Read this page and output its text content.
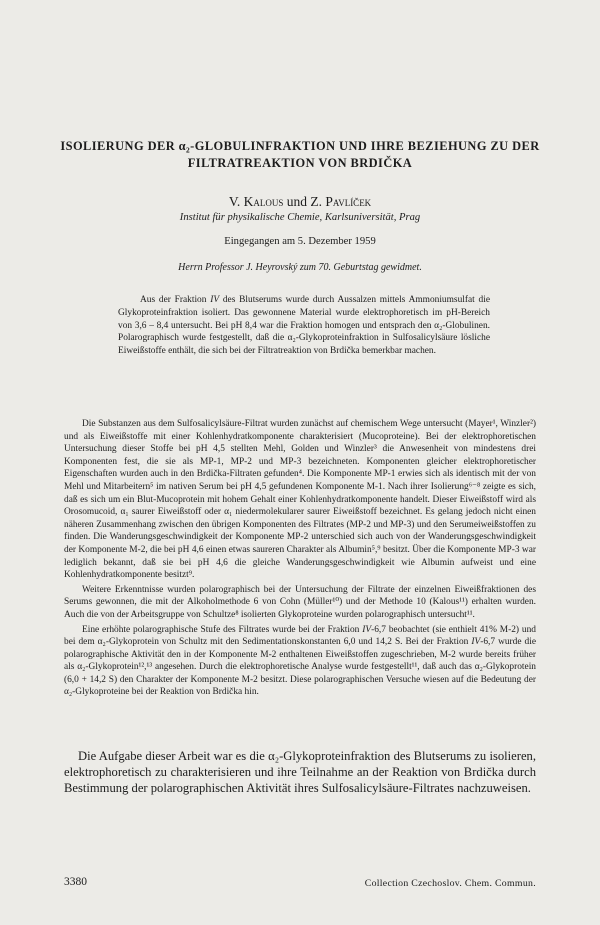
ISOLIERUNG DER α₂-GLOBULINFRAKTION UND IHRE BEZIEHUNG ZU DER FILTRATREAKTION VON BRDIČKA
V. Kalous und Z. Pavlíček
Institut für physikalische Chemie, Karlsuniversität, Prag
Eingegangen am 5. Dezember 1959
Herrn Professor J. Heyrovský zum 70. Geburtstag gewidmet.
Aus der Fraktion IV des Blutserums wurde durch Aussalzen mittels Ammoniumsulfat die Glykoproteinfraktion isoliert. Das gewonnene Material wurde elektrophoretisch im pH-Bereich von 3,6 – 8,4 untersucht. Bei pH 8,4 war die Fraktion homogen und entsprach den α₂-Globulinen. Polarographisch wurde festgestellt, daß die α₂-Glykoproteinfraktion in Sulfosalicylsäure lösliche Eiweißstoffe enthält, die sich bei der Filtratreaktion von Brdička bemerkbar machen.

Die Substanzen aus dem Sulfosalicylsäure-Filtrat wurden zunächst auf chemischem Wege untersucht (Mayer¹, Winzler²) und als Eiweißstoffe mit einer Kohlenhydratkomponente charakterisiert (Mucoproteine). Bei der elektrophoretischen Untersuchung dieser Stoffe bei pH 4,5 stellten Mehl, Golden und Winzler³ die Anwesenheit von mindestens drei Komponenten fest, die sie als MP-1, MP-2 und MP-3 bezeichneten. Komponenten gleicher elektrophoretischer Eigenschaften wurden auch in den Brdička-Filtraten gefunden⁴. Die Komponente MP-1 erwies sich als identisch mit der von Mehl und Mitarbeitern⁵ im nativen Serum bei pH 4,5 gefundenen Komponente M-1. Nach ihrer Isolierung⁶⁻⁸ zeigte es sich, daß es sich um ein Blut-Mucoprotein mit hohem Gehalt einer Kohlenhydratkomponente handelt. Dieser Eiweißstoff wird als Orosomucoid, α₁ saurer Eiweißstoff oder α₁ niedermolekularer saurer Eiweißstoff bezeichnet. Es gelang jedoch nicht einen näheren Zusammenhang zwischen den übrigen Komponenten des Filtrates (MP-2 und MP-3) und den Serumeiweißstoffen zu finden. Die Wanderungsgeschwindigkeit der Komponente MP-2 unterschied sich auch von der Wanderungsgeschwindigkeit der Komponente M-2, die bei pH 4,6 einen etwas saureren Charakter als Albumin⁵,⁹ besitzt. Über die Komponente MP-3 war lediglich bekannt, daß sie bei pH 4,6 die gleiche Wanderungsgeschwindigkeit wie Albumin aufweist und eine Kohlenhydratkomponente besitzt⁹.

Weitere Erkenntnisse wurden polarographisch bei der Untersuchung der Filtrate der einzelnen Eiweißfraktionen des Serums gewonnen, die mit der Alkoholmethode 6 von Cohn (Müller¹⁰) und der Methode 10 (Kalous¹¹) erhalten wurden. Auch die von der Arbeitsgruppe von Schultze⁸ isolierten Glykoproteine wurden polarographisch untersucht¹¹.

Eine erhöhte polarographische Stufe des Filtrates wurde bei der Fraktion IV-6,7 beobachtet (sie enthielt 41% M-2) und bei dem α₂-Glykoprotein von Schultz mit den Sedimentationskonstanten 6,0 und 14,2 S. Bei der Fraktion IV-6,7 wurde die polarographische Aktivität den in der Komponente M-2 enthaltenen Eiweißstoffen zugeschrieben, M-2 wurde bereits früher als α₂-Glykoprotein¹²,¹³ angesehen. Durch die elektrophoretische Analyse wurde festgestellt¹¹, daß auch das α₂-Glykoprotein (6,0 + 14,2 S) den Charakter der Komponente M-2 besitzt. Diese polarographischen Versuche wiesen auf die Bedeutung der α₂-Glykoproteine bei der Reaktion von Brdička hin.

Die Aufgabe dieser Arbeit war es die α₂-Glykoproteinfraktion des Blutserums zu isolieren, elektrophoretisch zu charakterisieren und ihre Teilnahme an der Reaktion von Brdička durch Bestimmung der polarographischen Aktivität ihres Sulfosalicylsäure-Filtrates nachzuweisen.
3380	Collection Czechoslov. Chem. Commun.
